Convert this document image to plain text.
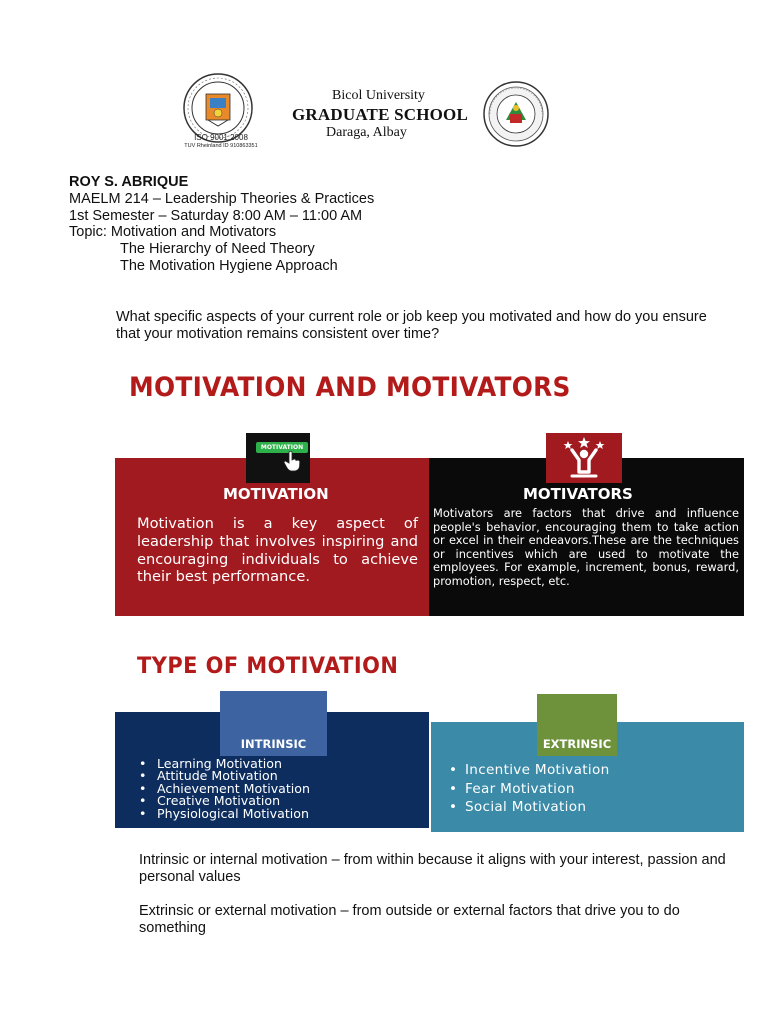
ISO 9001:2008
TUV Rheinland ID 910863351
Bicol University
GRADUATE SCHOOL
Daraga, Albay
ROY S. ABRIQUE
MAELM 214 – Leadership Theories & Practices
1st Semester – Saturday 8:00 AM – 11:00 AM
Topic: Motivation and Motivators
The Hierarchy of Need Theory
The Motivation Hygiene Approach
What specific aspects of your current role or job keep you motivated and how do you ensure that your motivation remains consistent over time?
MOTIVATION AND MOTIVATORS
MOTIVATION
MOTIVATION	MOTIVATORS
Motivation is a key aspect of leadership that involves inspiring and encouraging individuals to achieve their best performance.
Motivators are factors that drive and influence people's behavior, encouraging them to take action or excel in their endeavors.These are the techniques or incentives which are used to motivate the employees. For example, increment, bonus, reward, promotion, respect, etc.
TYPE OF MOTIVATION
INTRINSIC	EXTRINSIC
• Learning Motivation
• Attitude Motivation
• Achievement Motivation
• Creative Motivation
• Physiological Motivation
• Incentive Motivation
• Fear Motivation
• Social Motivation
Intrinsic or internal motivation – from within because it aligns with your interest, passion and personal values
Extrinsic or external motivation – from outside or external factors that drive you to do something
